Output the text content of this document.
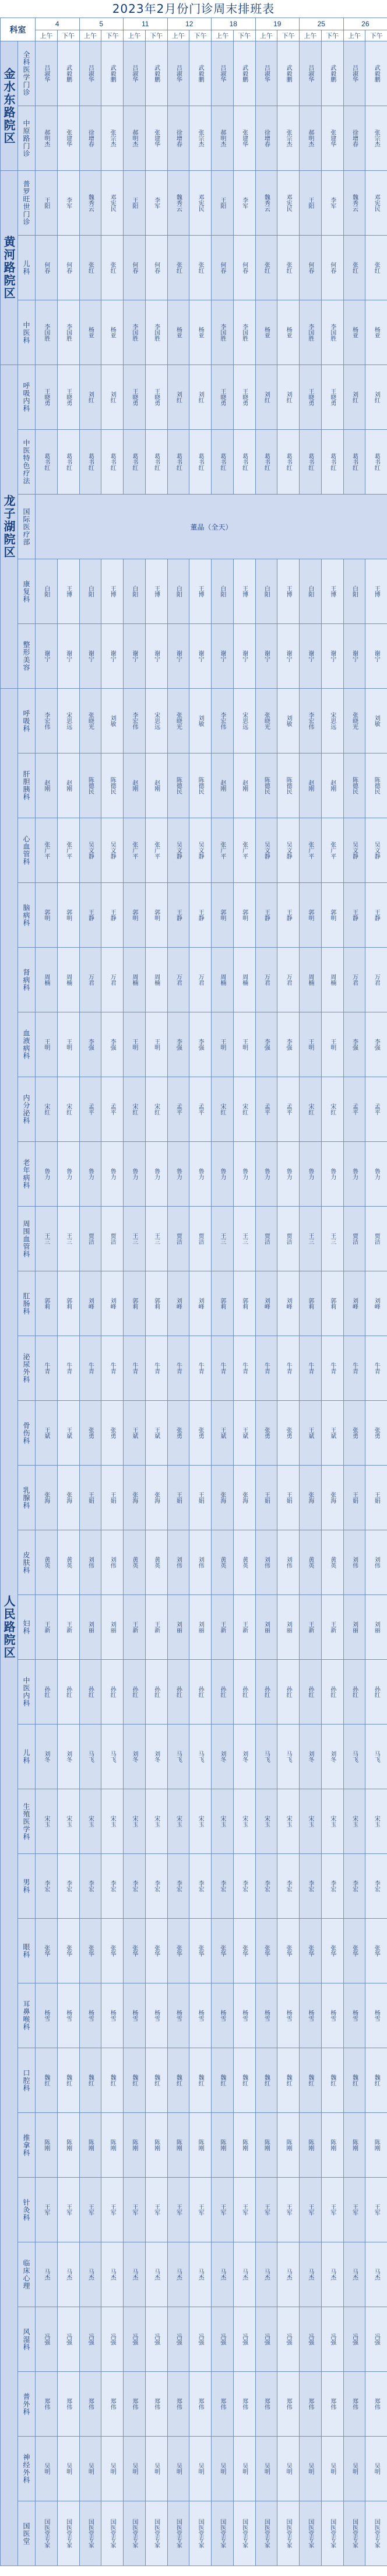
2023年2月份门诊周末排班表
科室		4		5		11		12		18		19		25		26	
		上午	下午	上午	下午	上午	下午	上午	下午	上午	下午	上午	下午	上午	下午	上午	下午

金水东路院区	全科医学门诊	吕淑华	武毅鹏	吕淑华	武毅鹏	吕淑华	武毅鹏	吕淑华	武毅鹏	吕淑华	武毅鹏	吕淑华	武毅鹏	吕淑华	武毅鹏	吕淑华	武毅鹏
	中原路门诊	郝明杰	张建华	徐增春	张宗杰	郝明杰	张建华	徐增春	张宗杰	郝明杰	张建华	徐增春	张宗杰	郝明杰	张建华	徐增春	张宗杰

黄河路院区	普罗旺世门诊	王阳	李军	魏秀云	邓宪民	王阳	李军	魏秀云	邓宪民	王阳	李军	魏秀云	邓宪民	王阳	李军	魏秀云	邓宪民
	儿科	何春	何春	张红	张红	何春	何春	张红	张红	何春	何春	张红	张红	何春	何春	张红	张红
	中医科	李国胜	李国胜	杨亚	杨亚	李国胜	李国胜	杨亚	杨亚	李国胜	李国胜	杨亚	杨亚	李国胜	李国胜	杨亚	杨亚

龙子湖院区	呼吸内科	王晓勇	王晓勇	刘红	刘红	王晓勇	王晓勇	刘红	刘红	王晓勇	王晓勇	刘红	刘红	王晓勇	王晓勇	刘红	刘红
	中医特色疗法	葛书红	葛书红	葛书红	葛书红	葛书红	葛书红	葛书红	葛书红	葛书红	葛书红	葛书红	葛书红	葛书红	葛书红	葛书红	葛书红
	国际医疗部	董晶（全天）															
	康复科	白阳	王博	白阳	王博	白阳	王博	白阳	王博	白阳	王博	白阳	王博	白阳	王博	白阳	王博
	整形美容	谢宁	谢宁	谢宁	谢宁	谢宁	谢宁	谢宁	谢宁	谢宁	谢宁	谢宁	谢宁	谢宁	谢宁	谢宁	谢宁

人民路院区	呼吸科	李宏伟	宋思远	张晓光	刘敏	李宏伟	宋思远	张晓光	刘敏	李宏伟	宋思远	张晓光	刘敏	李宏伟	宋思远	张晓光	刘敏
	肝胆胰科	赵刚	赵刚	陈德民	陈德民	赵刚	赵刚	陈德民	陈德民	赵刚	赵刚	陈德民	陈德民	赵刚	赵刚	陈德民	陈德民
	心血管科	张广平	张广平	吴文静	吴文静	张广平	张广平	吴文静	吴文静	张广平	张广平	吴文静	吴文静	张广平	张广平	吴文静	吴文静
	脑病科	郭明	郭明	王静	王静	郭明	郭明	王静	王静	郭明	郭明	王静	王静	郭明	郭明	王静	王静
	肾病科	周楠	周楠	万君	万君	周楠	周楠	万君	万君	周楠	周楠	万君	万君	周楠	周楠	万君	万君
	血液病科	王明	王明	李强	李强	王明	王明	李强	李强	王明	王明	李强	李强	王明	王明	李强	李强
	内分泌科	宋红	宋红	孟平	孟平	宋红	宋红	孟平	孟平	宋红	宋红	孟平	孟平	宋红	宋红	孟平	孟平
	老年病科	鲁力	鲁力	鲁力	鲁力	鲁力	鲁力	鲁力	鲁力	鲁力	鲁力	鲁力	鲁力	鲁力	鲁力	鲁力	鲁力
	周围血管科	王三	王三	贾洁	贾洁	王三	王三	贾洁	贾洁	王三	王三	贾洁	贾洁	王三	王三	贾洁	贾洁
	肛肠科	郭莉	郭莉	刘峰	刘峰	郭莉	郭莉	刘峰	刘峰	郭莉	郭莉	刘峰	刘峰	郭莉	郭莉	刘峰	刘峰
	泌尿外科	牛青	牛青	牛青	牛青	牛青	牛青	牛青	牛青	牛青	牛青	牛青	牛青	牛青	牛青	牛青	牛青
	骨伤科	王斌	王斌	张勇	张勇	王斌	王斌	张勇	张勇	王斌	王斌	张勇	张勇	王斌	王斌	张勇	张勇
	乳腺科	张海	张海	王娟	王娟	张海	张海	王娟	王娟	张海	张海	王娟	王娟	张海	张海	王娟	王娟
	皮肤科	黄英	黄英	刘伟	刘伟	黄英	黄英	刘伟	刘伟	黄英	黄英	刘伟	刘伟	黄英	黄英	刘伟	刘伟
	妇科	王新	王新	刘丽	刘丽	王新	王新	刘丽	刘丽	王新	王新	刘丽	刘丽	王新	王新	刘丽	刘丽
	中医内科	孙红	孙红	孙红	孙红	孙红	孙红	孙红	孙红	孙红	孙红	孙红	孙红	孙红	孙红	孙红	孙红
	儿科	刘冬	刘冬	马飞	马飞	刘冬	刘冬	马飞	马飞	刘冬	刘冬	马飞	马飞	刘冬	刘冬	马飞	马飞
	生殖医学科	宋玉	宋玉	宋玉	宋玉	宋玉	宋玉	宋玉	宋玉	宋玉	宋玉	宋玉	宋玉	宋玉	宋玉	宋玉	宋玉
	男科	李宏	李宏	李宏	李宏	李宏	李宏	李宏	李宏	李宏	李宏	李宏	李宏	李宏	李宏	李宏	李宏
	眼科	张华	张华	张华	张华	张华	张华	张华	张华	张华	张华	张华	张华	张华	张华	张华	张华
	耳鼻喉科	杨雪	杨雪	杨雪	杨雪	杨雪	杨雪	杨雪	杨雪	杨雪	杨雪	杨雪	杨雪	杨雪	杨雪	杨雪	杨雪
	口腔科	魏红	魏红	魏红	魏红	魏红	魏红	魏红	魏红	魏红	魏红	魏红	魏红	魏红	魏红	魏红	魏红
	推拿科	陈刚	陈刚	陈刚	陈刚	陈刚	陈刚	陈刚	陈刚	陈刚	陈刚	陈刚	陈刚	陈刚	陈刚	陈刚	陈刚
	针灸科	王军	王军	王军	王军	王军	王军	王军	王军	王军	王军	王军	王军	王军	王军	王军	王军
	临床心理	马杰	马杰	马杰	马杰	马杰	马杰	马杰	马杰	马杰	马杰	马杰	马杰	马杰	马杰	马杰	马杰
	风湿科	冯强	冯强	冯强	冯强	冯强	冯强	冯强	冯强	冯强	冯强	冯强	冯强	冯强	冯强	冯强	冯强
	普外科	郑伟	郑伟	郑伟	郑伟	郑伟	郑伟	郑伟	郑伟	郑伟	郑伟	郑伟	郑伟	郑伟	郑伟	郑伟	郑伟
	神经外科	吴明	吴明	吴明	吴明	吴明	吴明	吴明	吴明	吴明	吴明	吴明	吴明	吴明	吴明	吴明	吴明
	国医堂	国医堂专家	国医堂专家	国医堂专家	国医堂专家	国医堂专家	国医堂专家	国医堂专家	国医堂专家	国医堂专家	国医堂专家	国医堂专家	国医堂专家	国医堂专家	国医堂专家	国医堂专家	国医堂专家
